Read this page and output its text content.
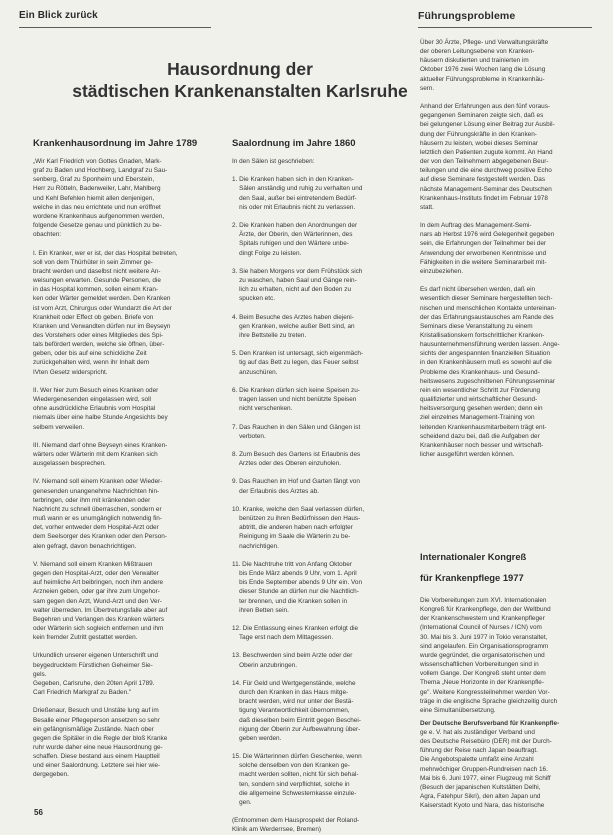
Ein Blick zurück	Führungsprobleme
Hausordnung der
städtischen Krankenanstalten Karlsruhe
Krankenhausordnung im Jahre 1789	Saalordnung im Jahre 1860
„Wir Karl Friedrich von Gottes Gnaden, Mark-
graf zu Baden und Hochberg, Landgraf zu Sau-
senberg, Graf zu Sponheim und Eberstein,
Herr zu Rötteln, Badenweiler, Lahr, Mahlberg
und Kehl Befehlen hiemit allen denjenigen,
welche in das neu errichtete und nun eröffnet
wordene Krankenhaus aufgenommen werden,
folgende Gesetze genau und pünktlich zu be-
obachten:

I. Ein Kranker, wer er ist, der das Hospital betreten,
soll von dem Thürhüter in sein Zimmer ge-
bracht werden und daselbst nicht weitere An-
weisungen erwarten. Gesunde Personen, die
in das Hospital kommen, sollen einem Kran-
ken oder Wärter gemeldet werden. Den Kranken
ist vom Arzt, Chirurgus oder Wundarzt die Art der
Krankheit oder Effect ob geben. Briefe von
Kranken und Verwandten dürfen nur im Beyseyn
des Vorstehers oder eines Mitgliedes des Spi-
tals befördert werden, welche sie öffnen, über-
geben, oder bis auf eine schickliche Zeit
zurückgehalten wird, wenn ihr Inhalt dem
IVten Gesetz widerspricht.

II. Wer hier zum Besuch eines Kranken oder
Wiedergenesenden eingelassen wird, soll
ohne ausdrückliche Erlaubnis vom Hospital
niemals über eine halbe Stunde Angesichts bey
selbem verweilen.

III. Niemand darf ohne Beyseyn eines Kranken-
wärters oder Wärterin mit dem Kranken sich
ausgelassen besprechen.

IV. Niemand soll einem Kranken oder Wieder-
genesenden unangenehme Nachrichten hin-
terbringen, oder ihm mit kränkenden oder
Nachricht zu schnell überraschen, sondern er
muß wann er es unumgänglich notwendig fin-
det, vorher entweder dem Hospital-Arzt oder
dem Seelsorger des Kranken oder den Person-
alen gefragt, davon benachrichtigen.

V. Niemand soll einem Kranken Mißtrauen
gegen den Hospital-Arzt, oder den Verwalter
auf heimliche Art beibringen, noch ihm andere
Arzneien geben, oder gar ihre zum Ungehor-
sam gegen den Arzt, Wund-Arzt und den Ver-
walter überreden. Im Übertretungsfalle aber auf
Begehren und Verlangen des Kranken wärters
oder Wärterin sich sogleich entfernen und ihm
kein fremder Zutritt gestattet werden.

Urkundlich unserer eigenen Unterschrift und
beygedrucktem Fürstlichen Geheimer Sie-
gels.
Gegeben, Carlsruhe, den 20ten April 1789.
Carl Friedrich Markgraf zu Baden."

Drießenaur, Besuch und Unstäte lung auf im
Besalle einer Pflegeperson ansetzen so sehr
ein gefängnismäßige Zustände. Nach ober
gegen die Spitäler in die Regle der bloß Kranke
ruhr wurde daher eine neue Hausordnung ge-
schaffen. Diese bestand aus einem Hauptteil
und einer Saalordnung. Letztere sei hier wie-
dergegeben.
In den Sälen ist geschrieben:

1. Die Kranken haben sich in den Kranken-
Sälen anständig und ruhig zu verhalten und
den Saal, außer bei eintretendem Bedürf-
nis oder mit Erlaubnis nicht zu verlassen.

2. Die Kranken haben den Anordnungen der
Ärzte, der Oberin, den Wärterinnen, des
Spitals ruhigen und den Wärtere unbe-
dingt Folge zu leisten.

3. Sie haben Morgens vor dem Frühstück sich
zu waschen, haben Saal und Gänge rein-
lich zu erhalten, nicht auf den Boden zu
spucken etc.

4. Beim Besuche des Arztes haben diejeni-
gen Kranken, welche außer Bett sind, an
ihre Bettstelle zu treten.

5. Den Kranken ist untersagt, sich eigenmäch-
tig auf das Bett zu legen, das Feuer selbst
anzuschüren.

6. Die Kranken dürfen sich keine Speisen zu-
tragen lassen und nicht benützte Speisen
nicht verschenken.

7. Das Rauchen in den Sälen und Gängen ist
verboten.

8. Zum Besuch des Gartens ist Erlaubnis des
Arztes oder des Oberen einzuholen.

9. Das Rauchen im Hof und Garten fängt von
der Erlaubnis des Arztes ab.

10. Kranke, welche den Saal verlassen dürfen,
benützen zu ihren Bedürfnissen den Haus-
abtritt, die anderen haben nach erfolgter
Reinigung im Saale die Wärterin zu be-
nachrichtigen.

11. Die Nachtruhe tritt von Anfang Oktober
bis Ende März abends 9 Uhr, vom 1. April
bis Ende September abends 9 Uhr ein. Von
dieser Stunde an dürfen nur die Nachtlich-
ter brennen, und die Kranken sollen in
ihren Betten sein.

12. Die Entlassung eines Kranken erfolgt die
Tage erst nach dem Mittagessen.

13. Beschwerden sind beim Arzte oder der
Oberin anzubringen.

14. Für Geld und Wertgegenstände, welche
durch den Kranken in das Haus mitge-
bracht werden, wird nur unter der Bestä-
tigung Verantwortlichkeit übernommen,
daß dieselben beim Eintritt gegen Beschei-
nigung der Oberin zur Aufbewahrung über-
geben werden.

15. Die Wärterinnen dürfen Geschenke, wenn
solche denselben von den Kranken ge-
macht werden sollten, nicht für sich behal-
ten, sondern sind verpflichtet, solche in
die allgemeine Schwesternkasse einzule-
gen.

(Entnommen dem Hausprospekt der Roland-
Klinik am Werderrsee, Bremen)
Über 30 Ärzte, Pflege- und Verwaltungskräfte
der oberen Leitungsebene von Kranken-
häusern diskutierten und trainierten im
Oktober 1976 zwei Wochen lang die Lösung
aktueller Führungsprobleme in Krankenhäu-
sern.

Anhand der Erfahrungen aus den fünf voraus-
gegangenen Seminaren zeigte sich, daß es
bei gelungener Lösung einer Beitrag zur Ausbil-
dung der Führungskräfte in den Kranken-
häusern zu leisten, wobei dieses Seminar
letztlich den Patienten zugute kommt. An Hand
der von den Teilnehmern abgegebenen Beur-
teilungen und die eine durchweg positive Echo
auf diese Seminare festgestellt werden. Das
nächste Management-Seminar des Deutschen
Krankenhaus-Instituts findet im Februar 1978
statt.

In dem Auftrag des Management-Semi-
nars ab Herbst 1976 wird Gelegenheit gegeben
sein, die Erfahrungen der Teilnehmer bei der
Anwendung der erworbenen Kenntnisse und
Fähigkeiten in die weitere Seminararbeit mit-
einzubeziehen.

Es darf nicht übersehen werden, daß ein
wesentlich dieser Seminare hergestellten tech-
nischen und menschlichen Kontakte untereinan-
der das Erfahrungsaustausches am Rande des
Seminars diese Veranstaltung zu einem
Kristallisationskern fortschrittlicher Kranken-
hausunternehmensführung werden lassen. Ange-
sichts der angespannten finanziellen Situation
in den Krankenhäusern muß es sowohl auf die
Probleme des Krankenhaus- und Gesund-
heitswesens zugeschnittenen Führungsseminar
rein ein wesentlicher Schritt zur Förderung
qualifizierter und wirtschaftlicher Gesund-
heitsversorgung gesehen werden; denn ein
ziel einzelnes Management-Training von
leitenden Krankenhausmitarbeitern trägt ent-
scheidend dazu bei, daß die Aufgaben der
Krankenhäuser noch besser und wirtschaft-
licher ausgeführt werden können.
Internationaler Kongreß
für Krankenpflege 1977
Die Vorbereitungen zum XVI. Internationalen
Kongreß für Krankenpflege, den der Weltbund
der Krankenschwestern und Krankenpfleger
(International Council of Nurses / ICN) vom
30. Mai bis 3. Juni 1977 in Tokio veranstaltet,
sind angelaufen. Ein Organisationsprogramm
wurde gegründet, die organisatorischen und
wissenschaftlichen Vorbereitungen sind in
vollem Gange. Der Kongreß steht unter dem
Thema „Neue Horizonte in der Krankenpfle-
ge". Weitere Kongressteilnehmer werden Vor-
träge in die englische Sprache gleichzeitig durch
eine Simultanübersetzung.
Der Deutsche Berufsverband für Krankenpfle-
ge e. V. hat als zuständiger Verband und
des Deutsche Reisebüro (DER) mit der Durch-
führung der Reise nach Japan beauftragt.
Die Angebotspalette umfaßt eine Anzahl
mehrwöchiger Gruppen-Rundreisen nach 16.
Mai bis 6. Juni 1977, einer Flugzeug mit Schiff
(Besuch der japanischen Kultstätten Delhi,
Agra, Fatehpur Sikri), den alten Japan und
Kaiserstadt Kyoto und Nara, das historische
56
